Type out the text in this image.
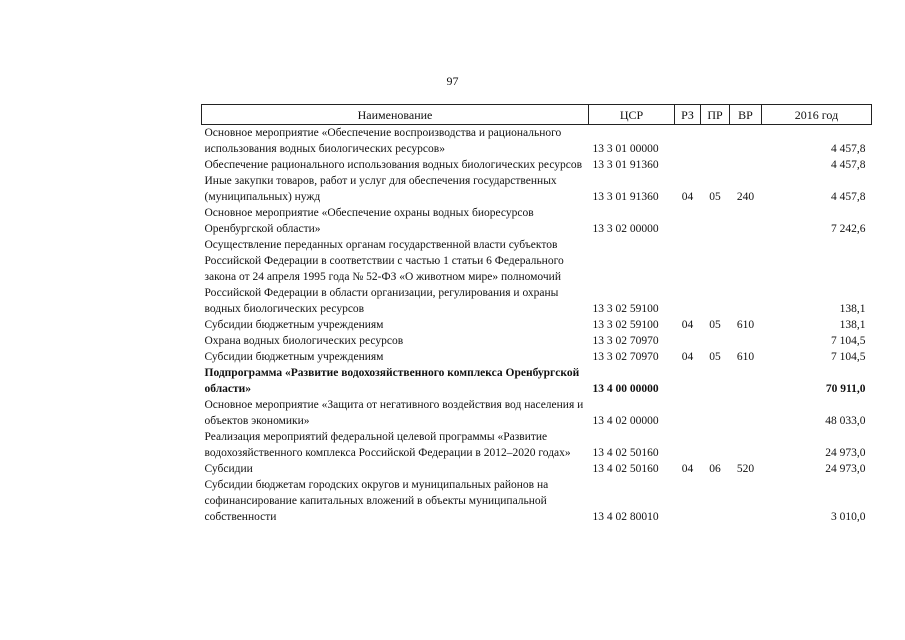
97
Наименование	ЦСР	РЗ	ПР	ВР	2016 год
Основное мероприятие «Обеспечение воспроизводства и рационального использования водных биологических ресурсов»	13 3 01 00000				4 457,8
Обеспечение рационального использования водных биологических ресурсов	13 3 01 91360				4 457,8
Иные закупки товаров, работ и услуг для обеспечения государственных (муниципальных) нужд	13 3 01 91360	04	05	240	4 457,8
Основное мероприятие «Обеспечение охраны водных биоресурсов Оренбургской области»	13 3 02 00000				7 242,6
Осуществление переданных органам государственной власти субъектов Российской Федерации в соответствии с частью 1 статьи 6 Федерального закона от 24 апреля 1995 года № 52-ФЗ «О животном мире» полномочий Российской Федерации в области организации, регулирования и охраны водных биологических ресурсов	13 3 02 59100				138,1
Субсидии бюджетным учреждениям	13 3 02 59100	04	05	610	138,1
Охрана водных биологических ресурсов	13 3 02 70970				7 104,5
Субсидии бюджетным учреждениям	13 3 02 70970	04	05	610	7 104,5
Подпрограмма «Развитие водохозяйственного комплекса Оренбургской области»	13 4 00 00000				70 911,0
Основное мероприятие «Защита от негативного воздействия вод населения и объектов экономики»	13 4 02 00000				48 033,0
Реализация мероприятий федеральной целевой программы «Развитие водохозяйственного комплекса Российской Федерации в 2012–2020 годах»	13 4 02 50160				24 973,0
Субсидии	13 4 02 50160	04	06	520	24 973,0
Субсидии бюджетам городских округов и муниципальных районов на софинансирование капитальных вложений в объекты муниципальной собственности	13 4 02 80010				3 010,0
